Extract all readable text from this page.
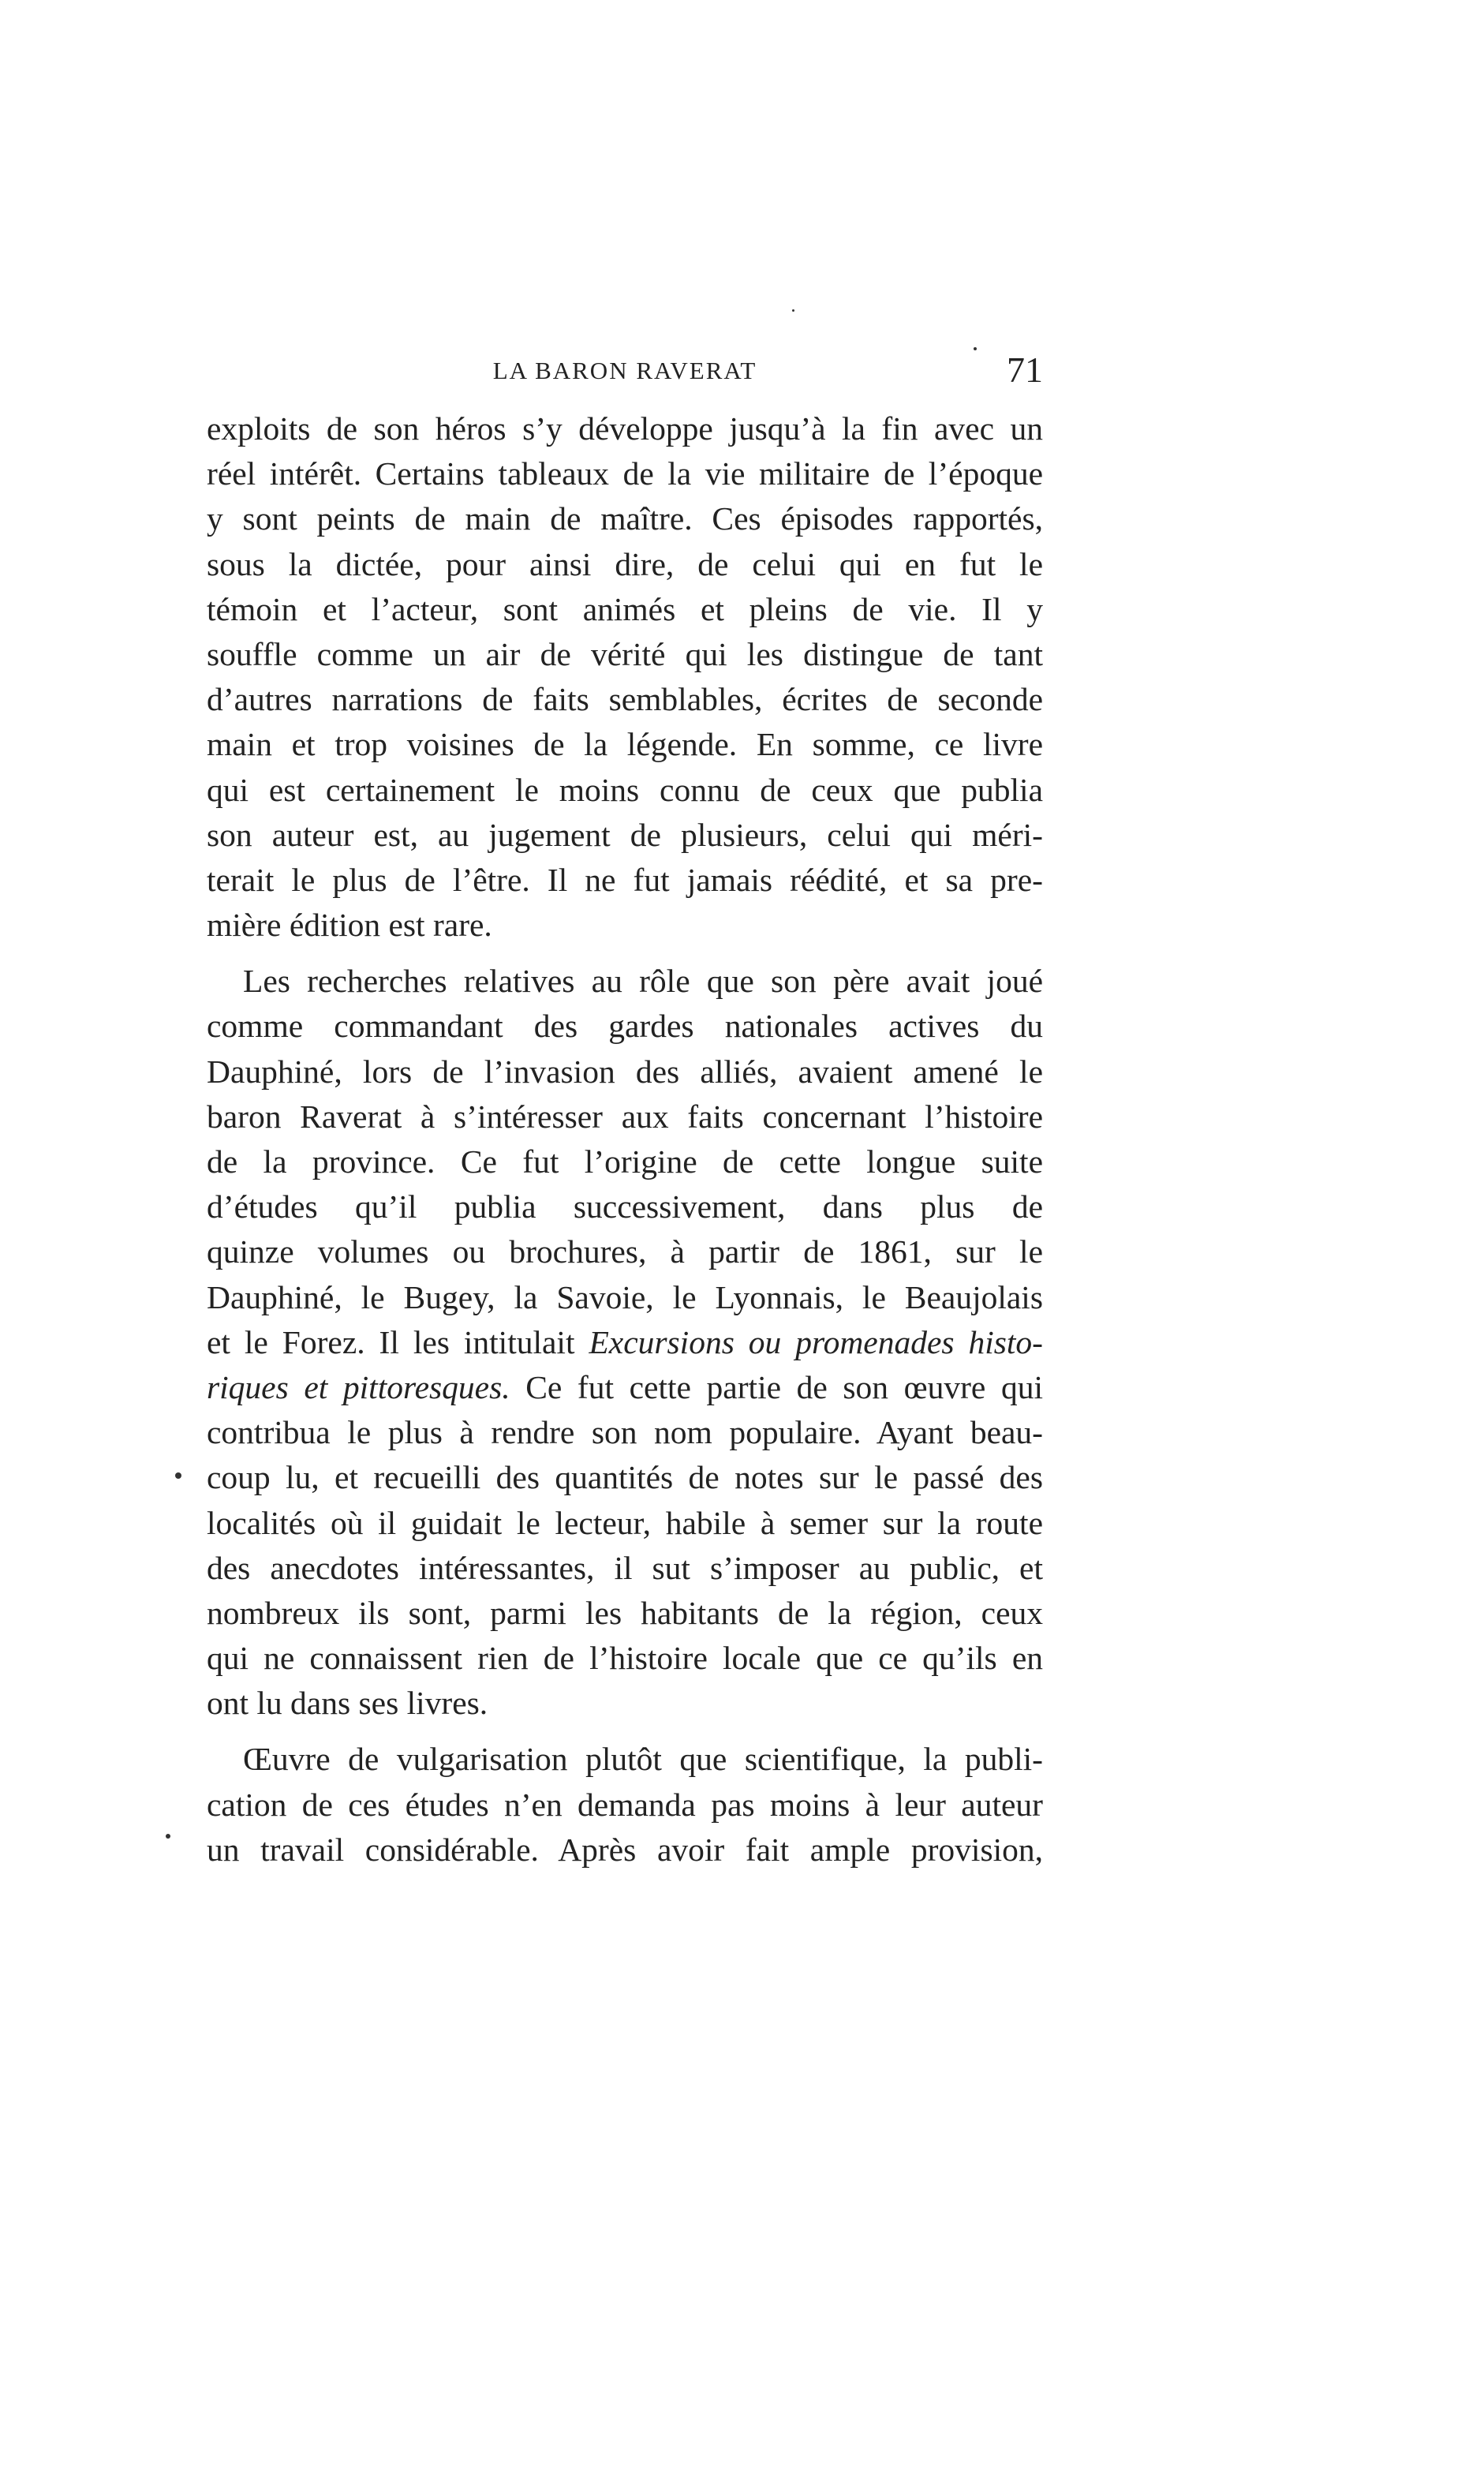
LA BARON RAVERAT	71
exploits de son héros s’y développe jusqu’à la fin avec un
réel intérêt. Certains tableaux de la vie militaire de l’époque
y sont peints de main de maître. Ces épisodes rapportés,
sous la dictée, pour ainsi dire, de celui qui en fut le
témoin et l’acteur, sont animés et pleins de vie. Il y
souffle comme un air de vérité qui les distingue de tant
d’autres narrations de faits semblables, écrites de seconde
main et trop voisines de la légende. En somme, ce livre
qui est certainement le moins connu de ceux que publia
son auteur est, au jugement de plusieurs, celui qui méri-
terait le plus de l’être. Il ne fut jamais réédité, et sa pre-
mière édition est rare.
Les recherches relatives au rôle que son père avait joué
comme commandant des gardes nationales actives du
Dauphiné, lors de l’invasion des alliés, avaient amené le
baron Raverat à s’intéresser aux faits concernant l’histoire
de la province. Ce fut l’origine de cette longue suite
d’études qu’il publia successivement, dans plus de
quinze volumes ou brochures, à partir de 1861, sur le
Dauphiné, le Bugey, la Savoie, le Lyonnais, le Beaujolais
et le Forez. Il les intitulait Excursions ou promenades histo-
riques et pittoresques. Ce fut cette partie de son œuvre qui
contribua le plus à rendre son nom populaire. Ayant beau-
coup lu, et recueilli des quantités de notes sur le passé des
localités où il guidait le lecteur, habile à semer sur la route
des anecdotes intéressantes, il sut s’imposer au public, et
nombreux ils sont, parmi les habitants de la région, ceux
qui ne connaissent rien de l’histoire locale que ce qu’ils en
ont lu dans ses livres.
Œuvre de vulgarisation plutôt que scientifique, la publi-
cation de ces études n’en demanda pas moins à leur auteur
un travail considérable. Après avoir fait ample provision,
